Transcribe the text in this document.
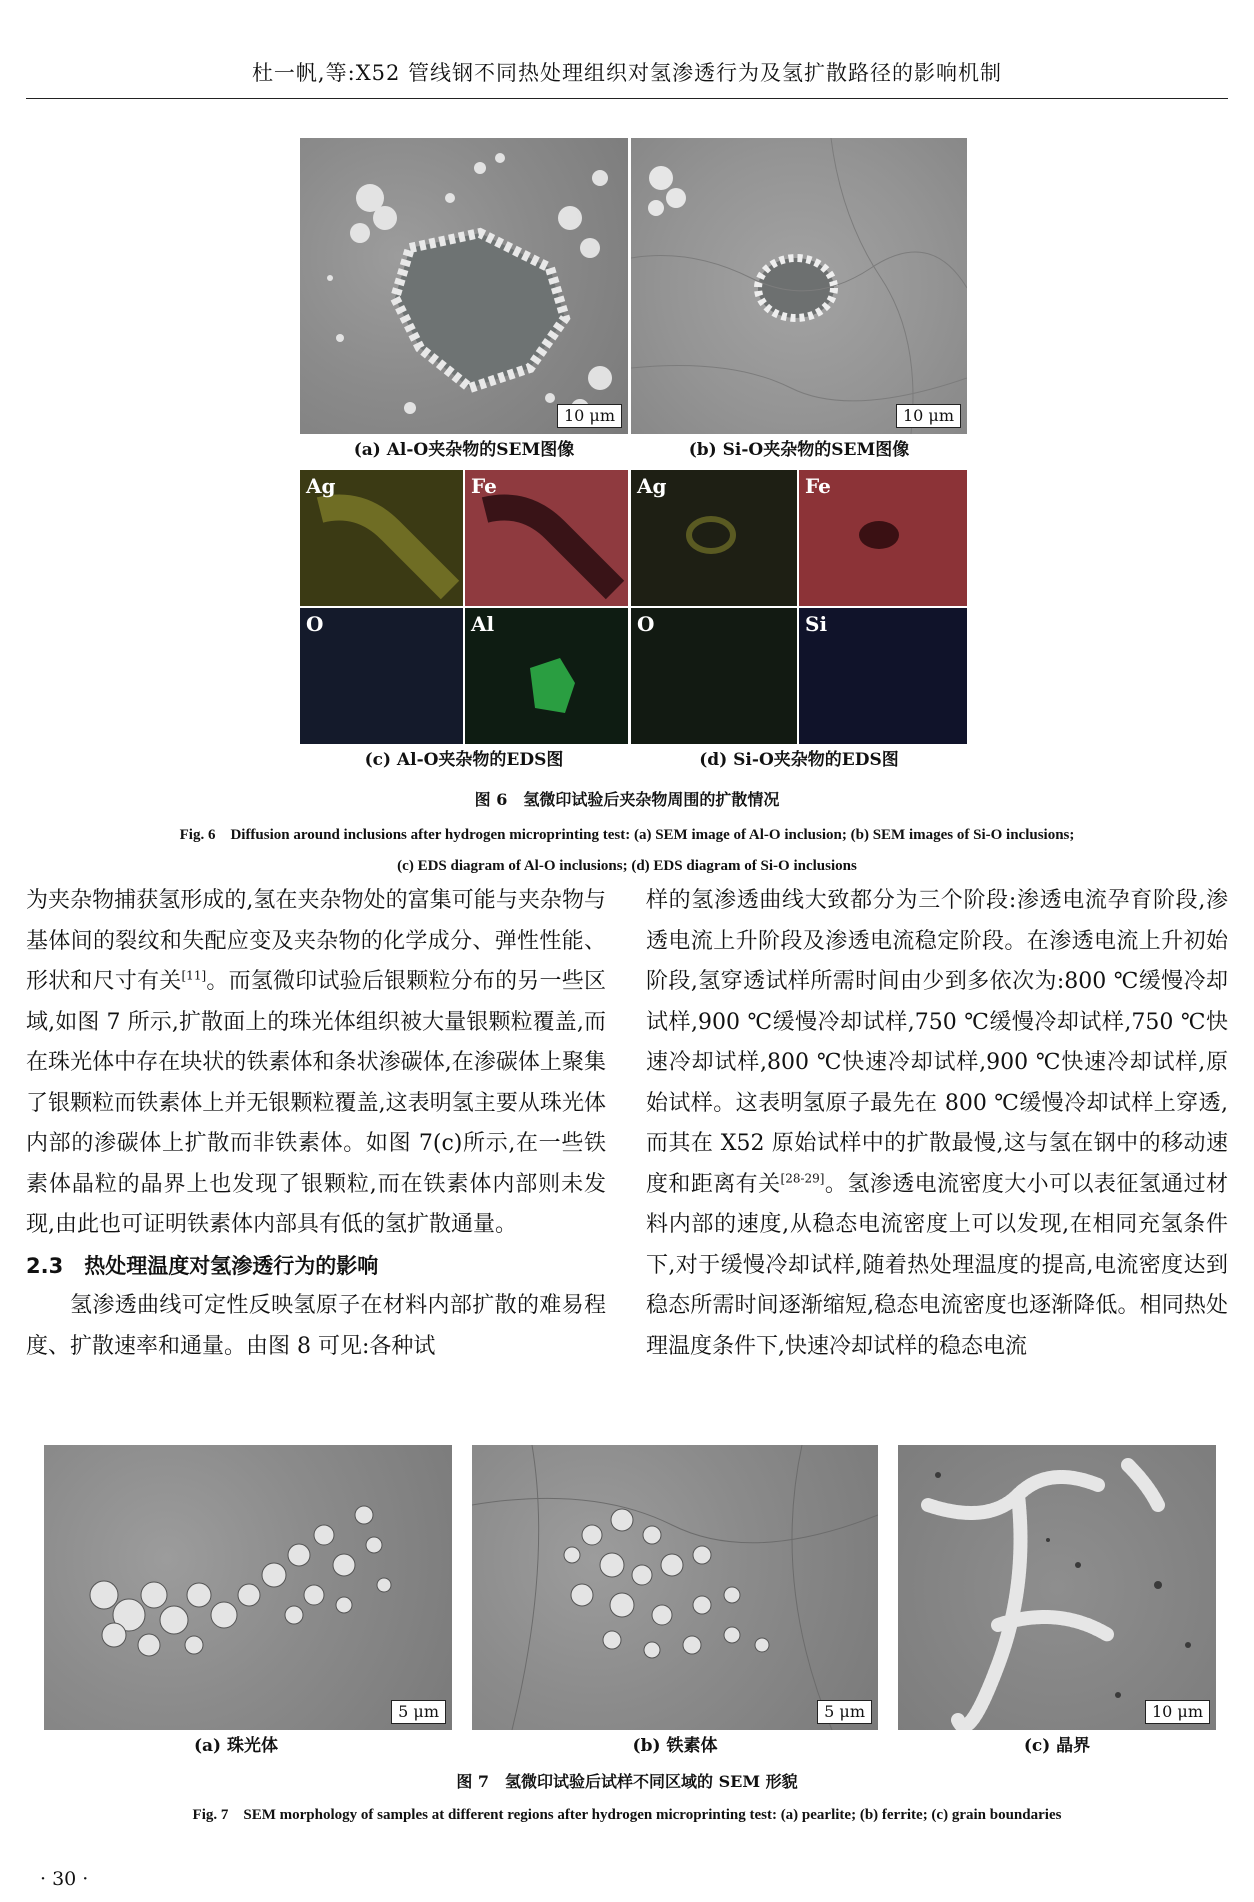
杜一帆,等:X52 管线钢不同热处理组织对氢渗透行为及氢扩散路径的影响机制
10 μm
(a) Al-O夹杂物的SEM图像
10 μm
(b) Si-O夹杂物的SEM图像
Ag	Fe
O	Al
(c) Al-O夹杂物的EDS图
Ag	Fe
O	Si
(d) Si-O夹杂物的EDS图
图 6　氢微印试验后夹杂物周围的扩散情况
Fig. 6　Diffusion around inclusions after hydrogen microprinting test: (a) SEM image of Al-O inclusion; (b) SEM images of Si-O inclusions;
(c) EDS diagram of Al-O inclusions; (d) EDS diagram of Si-O inclusions

为夹杂物捕获氢形成的,氢在夹杂物处的富集可能与夹杂物与基体间的裂纹和失配应变及夹杂物的化学成分、弹性性能、形状和尺寸有关[11]。而氢微印试验后银颗粒分布的另一些区域,如图 7 所示,扩散面上的珠光体组织被大量银颗粒覆盖,而在珠光体中存在块状的铁素体和条状渗碳体,在渗碳体上聚集了银颗粒而铁素体上并无银颗粒覆盖,这表明氢主要从珠光体内部的渗碳体上扩散而非铁素体。如图 7(c)所示,在一些铁素体晶粒的晶界上也发现了银颗粒,而在铁素体内部则未发现,由此也可证明铁素体内部具有低的氢扩散通量。

2.3　热处理温度对氢渗透行为的影响

氢渗透曲线可定性反映氢原子在材料内部扩散的难易程度、扩散速率和通量。由图 8 可见:各种试

样的氢渗透曲线大致都分为三个阶段:渗透电流孕育阶段,渗透电流上升阶段及渗透电流稳定阶段。在渗透电流上升初始阶段,氢穿透试样所需时间由少到多依次为:800 ℃缓慢冷却试样,900 ℃缓慢冷却试样,750 ℃缓慢冷却试样,750 ℃快速冷却试样,800 ℃快速冷却试样,900 ℃快速冷却试样,原始试样。这表明氢原子最先在 800 ℃缓慢冷却试样上穿透,而其在 X52 原始试样中的扩散最慢,这与氢在钢中的移动速度和距离有关[28-29]。氢渗透电流密度大小可以表征氢通过材料内部的速度,从稳态电流密度上可以发现,在相同充氢条件下,对于缓慢冷却试样,随着热处理温度的提高,电流密度达到稳态所需时间逐渐缩短,稳态电流密度也逐渐降低。相同热处理温度条件下,快速冷却试样的稳态电流

5 μm
(a) 珠光体
5 μm
(b) 铁素体
10 μm
(c) 晶界
图 7　氢微印试验后试样不同区域的 SEM 形貌
Fig. 7　SEM morphology of samples at different regions after hydrogen microprinting test: (a) pearlite; (b) ferrite; (c) grain boundaries
· 30 ·
